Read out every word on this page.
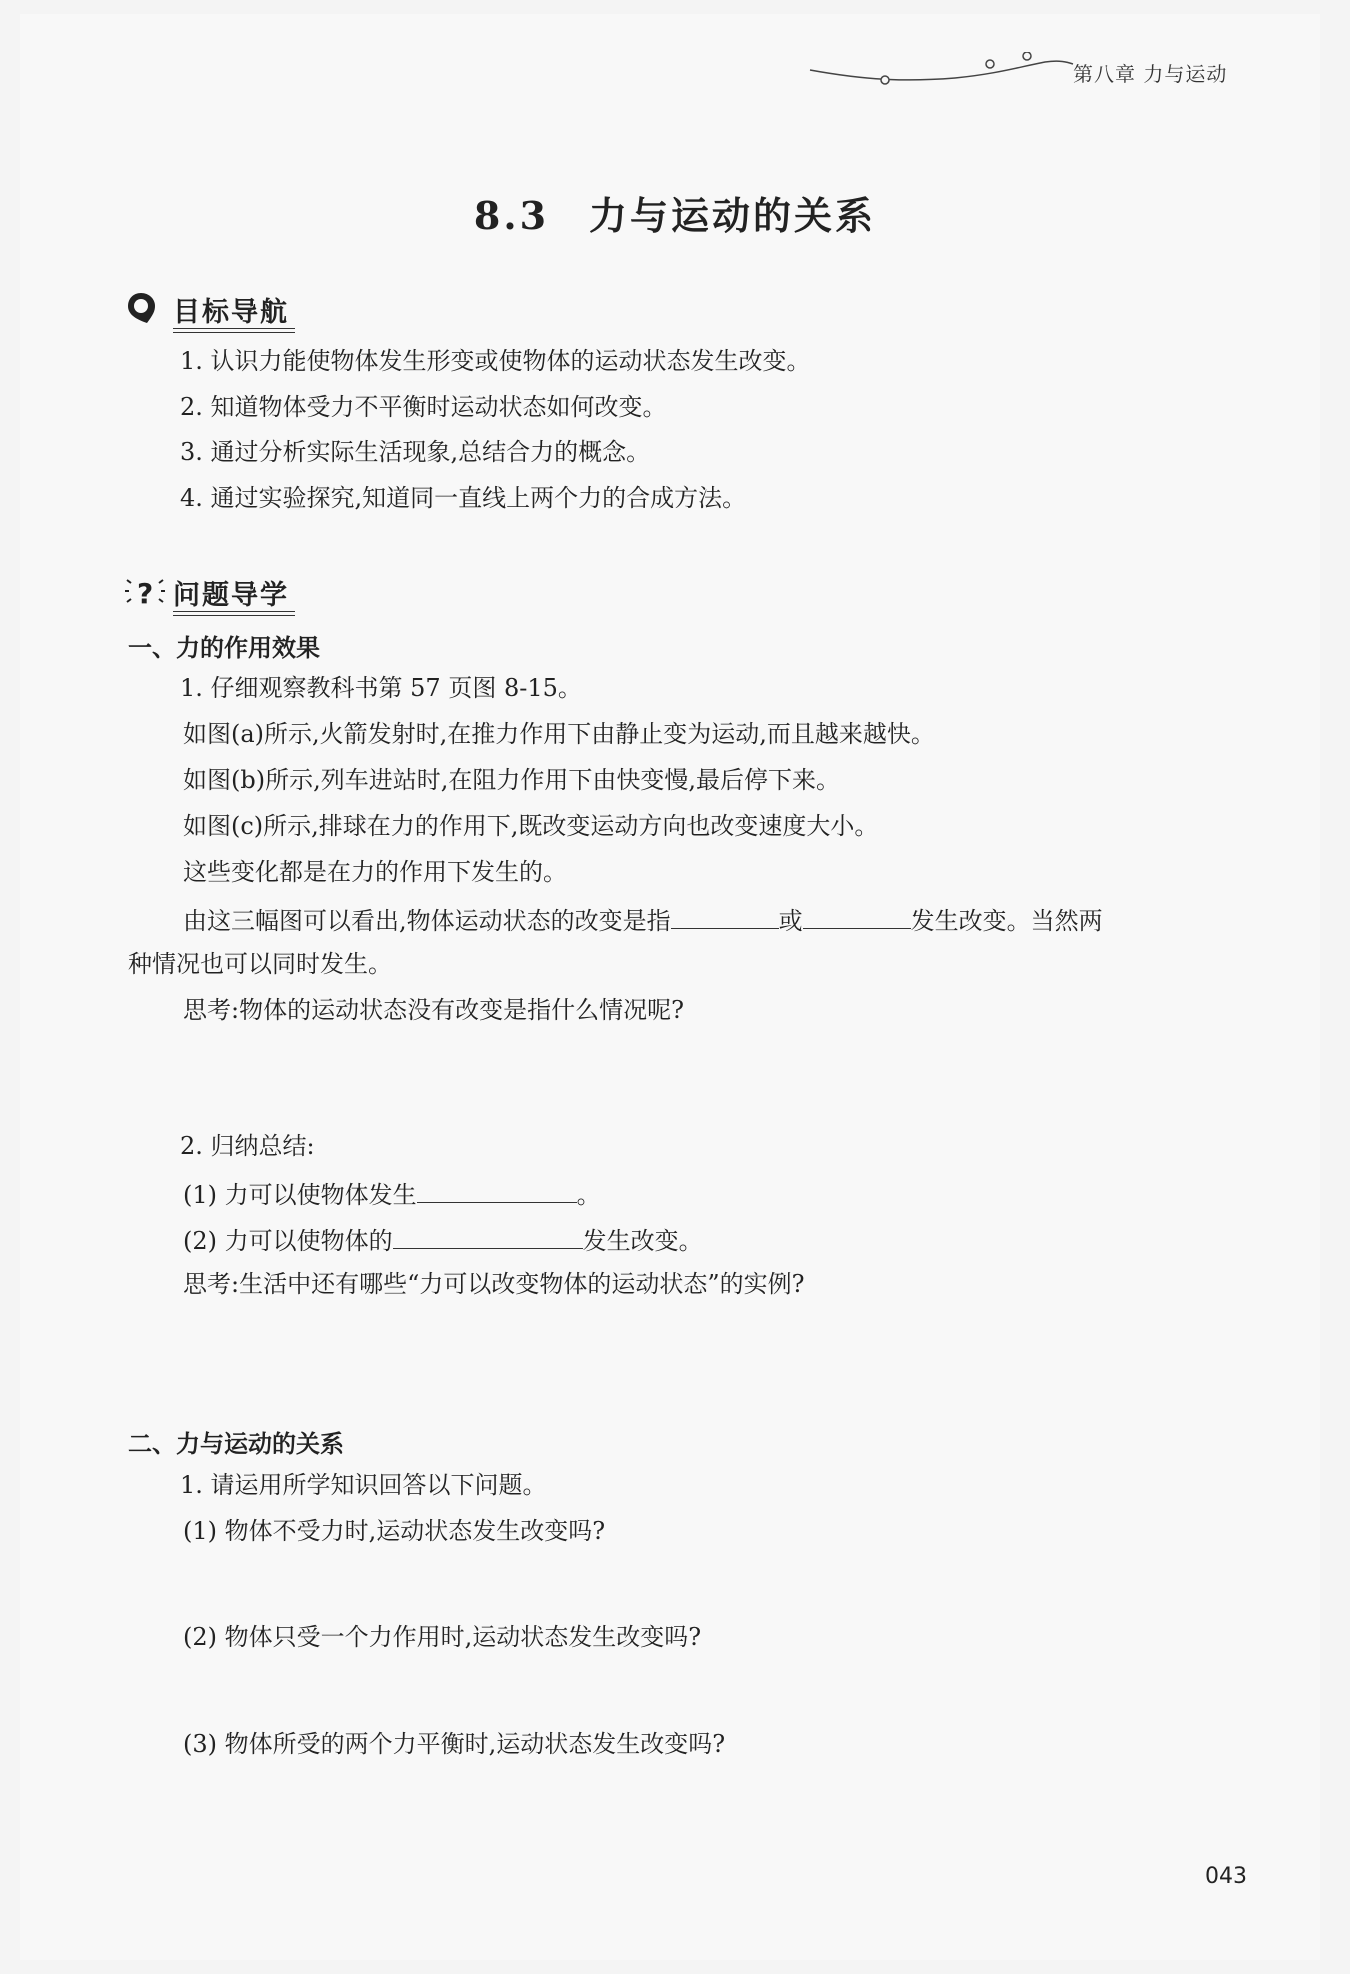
第八章 力与运动
8.3 力与运动的关系
目标导航
1. 认识力能使物体发生形变或使物体的运动状态发生改变。
2. 知道物体受力不平衡时运动状态如何改变。
3. 通过分析实际生活现象,总结合力的概念。
4. 通过实验探究,知道同一直线上两个力的合成方法。
? 问题导学
一、力的作用效果
1. 仔细观察教科书第 57 页图 8-15。
如图(a)所示,火箭发射时,在推力作用下由静止变为运动,而且越来越快。
如图(b)所示,列车进站时,在阻力作用下由快变慢,最后停下来。
如图(c)所示,排球在力的作用下,既改变运动方向也改变速度大小。
这些变化都是在力的作用下发生的。
由这三幅图可以看出,物体运动状态的改变是指	或	发生改变。当然两
种情况也可以同时发生。
思考:物体的运动状态没有改变是指什么情况呢?
2. 归纳总结:
(1) 力可以使物体发生	。
(2) 力可以使物体的	发生改变。
思考:生活中还有哪些“力可以改变物体的运动状态”的实例?
二、力与运动的关系
1. 请运用所学知识回答以下问题。
(1) 物体不受力时,运动状态发生改变吗?
(2) 物体只受一个力作用时,运动状态发生改变吗?
(3) 物体所受的两个力平衡时,运动状态发生改变吗?
043
